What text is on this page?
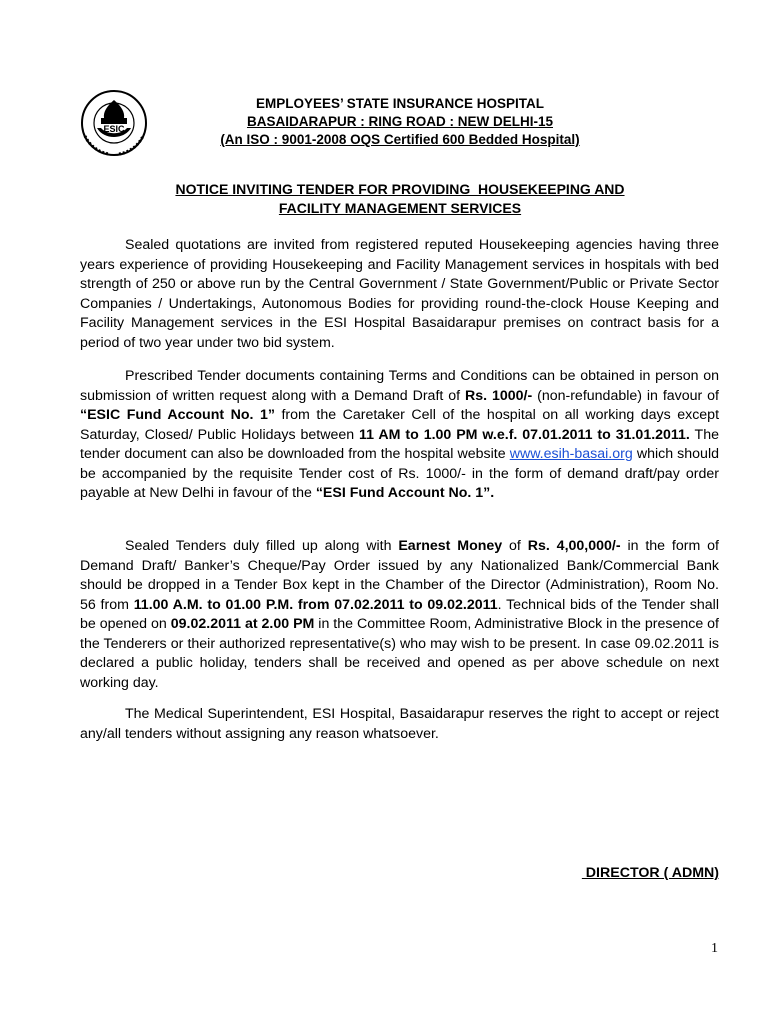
ESIC
EMPLOYEES’ STATE INSURANCE HOSPITAL
BASAIDARAPUR : RING ROAD : NEW DELHI-15
(An ISO : 9001-2008 OQS Certified 600 Bedded Hospital)
NOTICE INVITING TENDER FOR PROVIDING  HOUSEKEEPING AND
FACILITY MANAGEMENT SERVICES

Sealed quotations are invited from registered reputed Housekeeping agencies having three years experience of providing Housekeeping and Facility Management services in hospitals with bed strength of 250 or above run by the Central Government / State Government/Public or Private Sector Companies / Undertakings, Autonomous Bodies for providing round-the-clock House Keeping and Facility Management services in the ESI Hospital Basaidarapur premises on contract basis for a period of two year under two bid system.

Prescribed Tender documents containing Terms and Conditions can be obtained in person on submission of written request along with a Demand Draft of Rs. 1000/- (non-refundable) in favour of “ESIC Fund Account No. 1” from the Caretaker Cell of the hospital on all working days except Saturday, Closed/ Public Holidays between 11 AM to 1.00 PM w.e.f. 07.01.2011 to 31.01.2011. The tender document can also be downloaded from the hospital website www.esih-basai.org which should be accompanied by the requisite Tender cost of Rs. 1000/- in the form of demand draft/pay order payable at New Delhi in favour of the “ESI Fund Account No. 1”.

Sealed Tenders duly filled up along with Earnest Money of Rs. 4,00,000/- in the form of Demand Draft/ Banker’s Cheque/Pay Order issued by any Nationalized Bank/Commercial Bank should be dropped in a Tender Box kept in the Chamber of the Director (Administration), Room No. 56 from 11.00 A.M. to 01.00 P.M. from 07.02.2011 to 09.02.2011. Technical bids of the Tender shall be opened on 09.02.2011 at 2.00 PM in the Committee Room, Administrative Block in the presence of the Tenderers or their authorized representative(s) who may wish to be present. In case 09.02.2011 is declared a public holiday, tenders shall be received and opened as per above schedule on next working day.

The Medical Superintendent, ESI Hospital, Basaidarapur reserves the right to accept or reject any/all tenders without assigning any reason whatsoever.

DIRECTOR ( ADMN)
1
